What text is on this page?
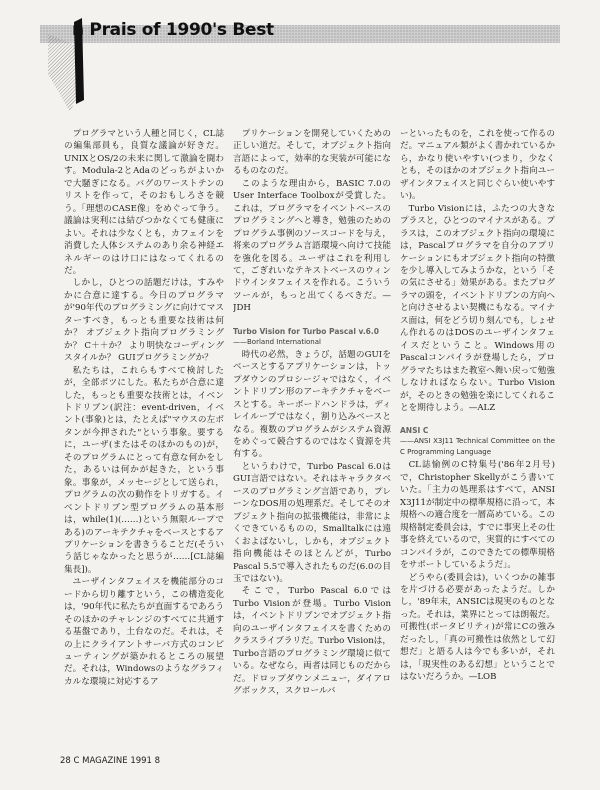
n Prais of 1990's Best

プログラマという人種と同じく，CL誌の編集部員も，良質な議論が好きだ。UNIXとOS/2の未来に関して激論を闘わす。Modula-2とAdaのどっちがよいかで大騒ぎになる。バグのワーストテンのリストを作って，そのおもしろさを競う。「理想のCASE像」をめぐって争う。議論は実利には結びつかなくても健康によい。それは少なくとも，カフェインを消費した人体システムのあり余る神経エネルギーのはけ口にはなってくれるのだ。

しかし，ひとつの話題だけは，すみやかに合意に達する。今日のプログラマが'90年代のプログラミングに向けてマスターすべき，もっとも重要な技術は何か？ オブジェクト指向プログラミングか？ C＋＋か？ より明快なコーディングスタイルか？ GUIプログラミングか？

私たちは，これらもすべて検討したが，全部ボツにした。私たちが合意に達した，もっとも重要な技術とは，イベントドリブン(訳注：event-driven，イベント(事象)とは，たとえば"マウスの左ボタンが今押された"という事象。要するに，ユーザ(またはそのほかのもの)が，そのプログラムにとって有意な何かをした，あるいは何かが起きた，という事象。事象が，メッセージとして送られ，プログラムの次の動作をトリガする。イベントドリブン型プログラムの基本形は，while(1)(……)という無限ループである)のアーキテクチャをベースとするアプリケーションを書きうることだ(そういう話じゃなかったと思うが……[CL誌編集長])。

ユーザインタフェイスを機能部分のコードから切り離すという，この構造変化は，'90年代に私たちが直面するであろうそのほかのチャレンジのすべてに共通する基盤であり，土台なのだ。それは，その上にクライアントサーバ方式のコンピューティングが築かれるところの展望だ。それは，Windowsのようなグラフィカルな環境に対応するア

プリケーションを開発していくための正しい道だ。そして，オブジェクト指向言語によって，効率的な実装が可能になるものなのだ。

このような理由から，BASIC 7.0のUser Interface Toolboxが受賞した。これは，プログラマをイベントベースのプログラミングへと導き，勉強のためのプログラム事例のソースコードを与え，将来のプログラム言語環境へ向けて技能を強化を図る。ユーザはこれを利用して，ごぎれいなテキストベースのウィンドウインタフェイスを作れる。こういうツールが，もっと出てくるべきだ。—JDH

Turbo Vision for Turbo Pascal v.6.0
——Borland International

時代の必然，きょうび，話題のGUIをベースとするアプリケーションは，トップダウンのプロシージャではなく，イベントドリブン形のアーキテクチャをベースとする。キーボードハンドラは，ディレイループではなく，割り込みベースとなる。複数のプログラムがシステム資源をめぐって競合するのではなく資源を共有する。

というわけで，Turbo Pascal 6.0はGUI言語ではない。それはキャラクタベースのプログラミング言語であり，プレーンなDOS用の処理系だ。そしてそのオブジェクト指向の拡張機能は，非常によくできているものの，Smalltalkには遠くおよばないし，しかも，オブジェクト指向機能はそのほとんどが，Turbo Pascal 5.5で導入されたものだ(6.0の目玉ではない)。

そこで，Turbo Pascal 6.0ではTurbo Visionが登場。Turbo Visionは，イベントドリブンでオブジェクト指向のユーザインタフェイスを書くためのクラスライブラリだ。Turbo Visionは，Turbo言語のプログラミング環境に似ている。なぜなら，両者は同じものだからだ。ドロップダウンメニュー，ダイアログボックス，スクロールバ

ーといったものを，これを使って作るのだ。マニュアル類がよく書かれているから，かなり使いやすい(つまり，少なくとも，そのほかのオブジェクト指向ユーザインタフェイスと同じぐらい使いやすい)。

Turbo Visionには，ふたつの大きなプラスと，ひとつのマイナスがある。プラスは，このオブジェクト指向の環境には，Pascalプログラマを自分のアプリケーションにもオブジェクト指向の特徴を少し導入してみようかな，という「その気にさせる」効果がある。またプログラマの頭を，イベントドリブンの方向へと向けさせるよい契機にもなる。マイナス面は，何をどう切り刻んでも，しょせん作れるのはDOSのユーザインタフェイスだということ。Windows用のPascalコンパイラが登場したら，プログラマたちはまた教室へ舞い戻って勉強しなければならない。Turbo Visionが，そのときの勉強を楽にしてくれることを期待しよう。—ALZ

ANSI C
——ANSI X3J11 Technical Committee on the C Programming Language

CL誌愉例のC特集号('86年2月号)で，Christopher Skellyがこう書いていた。「主力の処理系はすべて，ANSI X3J11が制定中の標準規格に沿って，本規格への適合度を一層高めている。この規格制定委員会は，すでに事実上その仕事を終えているので，実質的にすべてのコンパイラが，このできたての標準規格をサポートしているようだ」。

どうやら(委員会は)，いくつかの雑事を片づける必要があったようだ。しかし，'89年末，ANSICは現実のものとなった。それは，業界にとっては朗報だ。可搬性(ポータビリティ)が常にCの強みだったし，「真の可搬性は依然として幻想だ」と語る人は今でも多いが，それは，「現実性のある幻想」ということではないだろうか。—LOB

28 C MAGAZINE 1991 8
